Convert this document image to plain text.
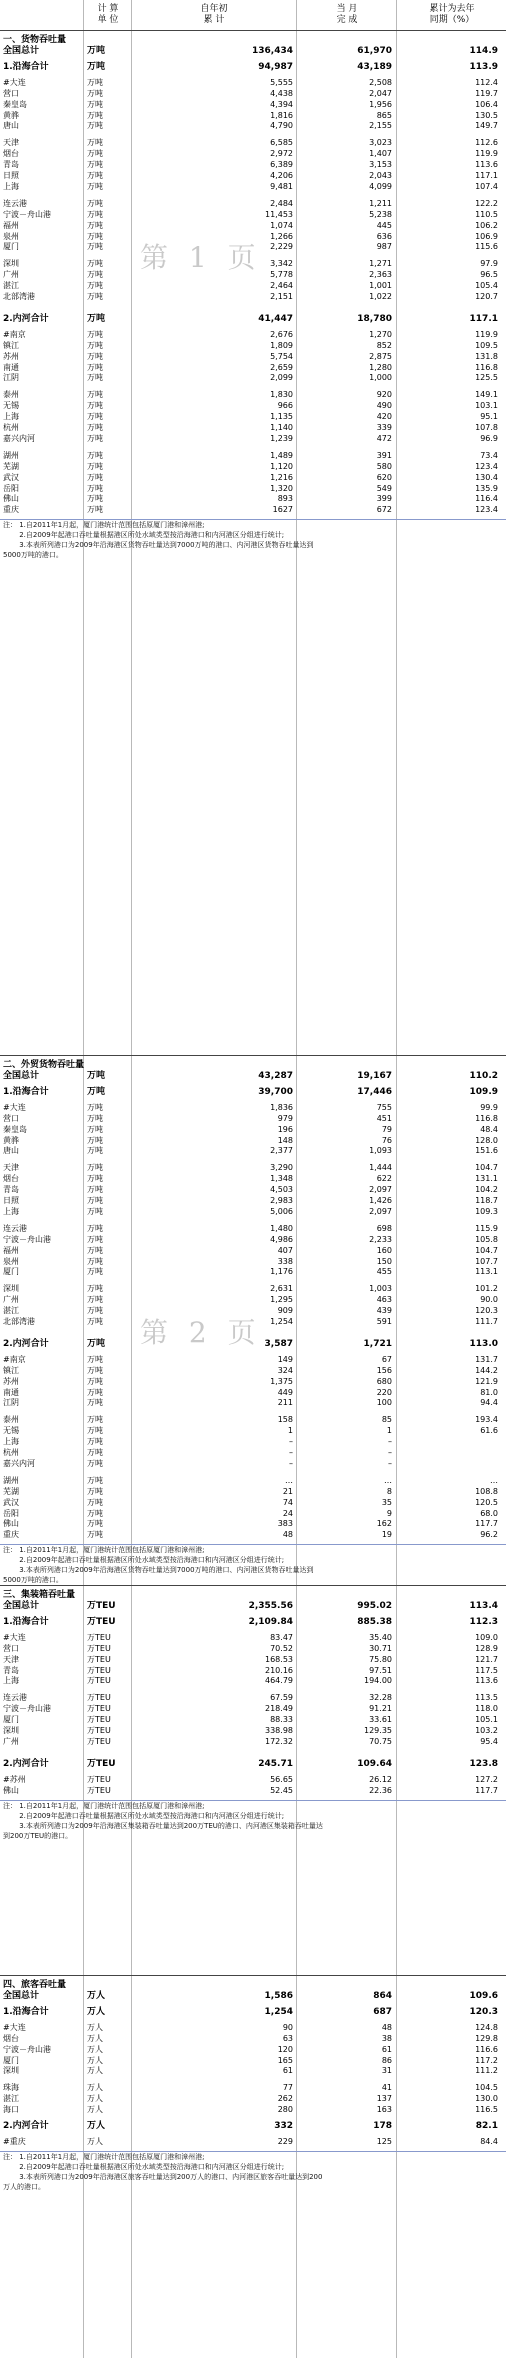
计 算
单 位
自年初
累 计
当 月
完 成
累计为去年
同期（%）
一、货物吞吐量
全国总计	万吨	136,434	61,970	114.9
1.沿海合计	万吨	94,987	43,189	113.9
#大连	万吨	5,555	2,508	112.4
营口	万吨	4,438	2,047	119.7
秦皇岛	万吨	4,394	1,956	106.4
黄骅	万吨	1,816	865	130.5
唐山	万吨	4,790	2,155	149.7
天津	万吨	6,585	3,023	112.6
烟台	万吨	2,972	1,407	119.9
青岛	万吨	6,389	3,153	113.6
日照	万吨	4,206	2,043	117.1
上海	万吨	9,481	4,099	107.4
连云港	万吨	2,484	1,211	122.2
宁波－舟山港	万吨	11,453	5,238	110.5
福州	万吨	1,074	445	106.2
泉州	万吨	1,266	636	106.9
厦门	万吨	2,229	987	115.6
深圳	万吨	3,342	1,271	97.9
广州	万吨	5,778	2,363	96.5
湛江	万吨	2,464	1,001	105.4
北部湾港	万吨	2,151	1,022	120.7
2.内河合计	万吨	41,447	18,780	117.1
#南京	万吨	2,676	1,270	119.9
镇江	万吨	1,809	852	109.5
苏州	万吨	5,754	2,875	131.8
南通	万吨	2,659	1,280	116.8
江阴	万吨	2,099	1,000	125.5
泰州	万吨	1,830	920	149.1
无锡	万吨	966	490	103.1
上海	万吨	1,135	420	95.1
杭州	万吨	1,140	339	107.8
嘉兴内河	万吨	1,239	472	96.9
湖州	万吨	1,489	391	73.4
芜湖	万吨	1,120	580	123.4
武汉	万吨	1,216	620	130.4
岳阳	万吨	1,320	549	135.9
佛山	万吨	893	399	116.4
重庆	万吨	1627	672	123.4
注： 1.自2011年1月起，厦门港统计范围包括原厦门港和漳州港;
　　 2.自2009年起港口吞吐量根据港区所处水域类型按沿海港口和内河港区分组进行统计;
　　 3.本表所列港口为2009年沿海港区货物吞吐量达到7000万吨的港口、内河港区货物吞吐量达到
5000万吨的港口。
第 1 页
二、外贸货物吞吐量
全国总计	万吨	43,287	19,167	110.2
1.沿海合计	万吨	39,700	17,446	109.9
#大连	万吨	1,836	755	99.9
营口	万吨	979	451	116.8
秦皇岛	万吨	196	79	48.4
黄骅	万吨	148	76	128.0
唐山	万吨	2,377	1,093	151.6
天津	万吨	3,290	1,444	104.7
烟台	万吨	1,348	622	131.1
青岛	万吨	4,503	2,097	104.2
日照	万吨	2,983	1,426	118.7
上海	万吨	5,006	2,097	109.3
连云港	万吨	1,480	698	115.9
宁波－舟山港	万吨	4,986	2,233	105.8
福州	万吨	407	160	104.7
泉州	万吨	338	150	107.7
厦门	万吨	1,176	455	113.1
深圳	万吨	2,631	1,003	101.2
广州	万吨	1,295	463	90.0
湛江	万吨	909	439	120.3
北部湾港	万吨	1,254	591	111.7
2.内河合计	万吨	3,587	1,721	113.0
#南京	万吨	149	67	131.7
镇江	万吨	324	156	144.2
苏州	万吨	1,375	680	121.9
南通	万吨	449	220	81.0
江阴	万吨	211	100	94.4
泰州	万吨	158	85	193.4
无锡	万吨	1	1	61.6
上海	万吨	–	–
杭州	万吨	–	–
嘉兴内河	万吨	–	–
湖州	万吨	…	…	…
芜湖	万吨	21	8	108.8
武汉	万吨	74	35	120.5
岳阳	万吨	24	9	68.0
佛山	万吨	383	162	117.7
重庆	万吨	48	19	96.2
注： 1.自2011年1月起，厦门港统计范围包括原厦门港和漳州港;
　　 2.自2009年起港口吞吐量根据港区所处水域类型按沿海港口和内河港区分组进行统计;
　　 3.本表所列港口为2009年沿海港区货物吞吐量达到7000万吨的港口、内河港区货物吞吐量达到
5000万吨的港口。
第 2 页
三、集装箱吞吐量
全国总计	万TEU	2,355.56	995.02	113.4
1.沿海合计	万TEU	2,109.84	885.38	112.3
#大连	万TEU	83.47	35.40	109.0
营口	万TEU	70.52	30.71	128.9
天津	万TEU	168.53	75.80	121.7
青岛	万TEU	210.16	97.51	117.5
上海	万TEU	464.79	194.00	113.6
连云港	万TEU	67.59	32.28	113.5
宁波－舟山港	万TEU	218.49	91.21	118.0
厦门	万TEU	88.33	33.61	105.1
深圳	万TEU	338.98	129.35	103.2
广州	万TEU	172.32	70.75	95.4
2.内河合计	万TEU	245.71	109.64	123.8
#苏州	万TEU	56.65	26.12	127.2
佛山	万TEU	52.45	22.36	117.7
注： 1.自2011年1月起，厦门港统计范围包括原厦门港和漳州港;
　　 2.自2009年起港口吞吐量根据港区所处水域类型按沿海港口和内河港区分组进行统计;
　　 3.本表所列港口为2009年沿海港区集装箱吞吐量达到200万TEU的港口、内河港区集装箱吞吐量达
到200万TEU的港口。
四、旅客吞吐量
全国总计	万人	1,586	864	109.6
1.沿海合计	万人	1,254	687	120.3
#大连	万人	90	48	124.8
烟台	万人	63	38	129.8
宁波－舟山港	万人	120	61	116.6
厦门	万人	165	86	117.2
深圳	万人	61	31	111.2
珠海	万人	77	41	104.5
湛江	万人	262	137	130.0
海口	万人	280	163	116.5
2.内河合计	万人	332	178	82.1
#重庆	万人	229	125	84.4
注： 1.自2011年1月起，厦门港统计范围包括原厦门港和漳州港;
　　 2.自2009年起港口吞吐量根据港区所处水域类型按沿海港口和内河港区分组进行统计;
　　 3.本表所列港口为2009年沿海港区旅客吞吐量达到200万人的港口、内河港区旅客吞吐量达到200
万人的港口。
